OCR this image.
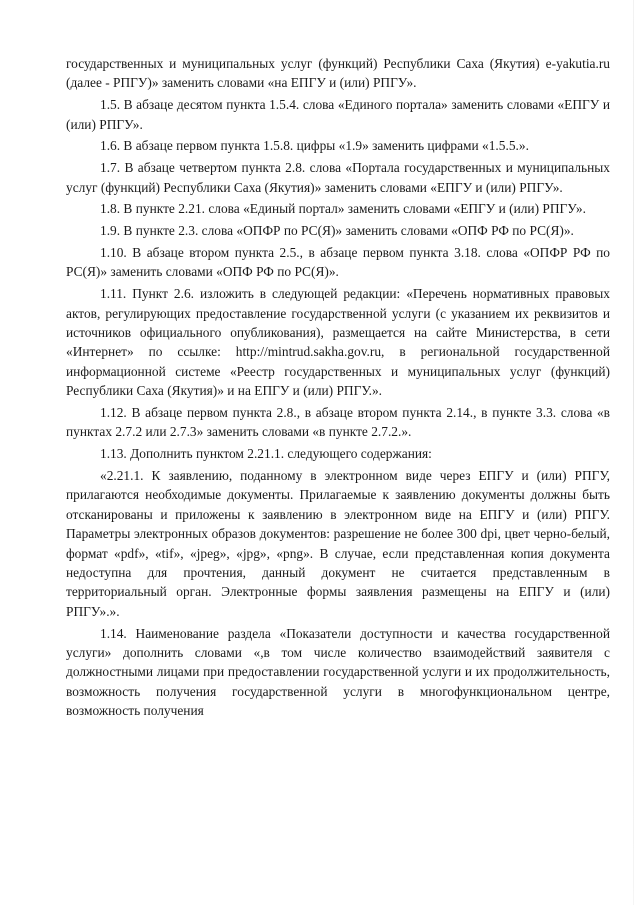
государственных и муниципальных услуг (функций) Республики Саха (Якутия) e-yakutia.ru (далее - РПГУ)» заменить словами «на ЕПГУ и (или) РПГУ».

1.5. В абзаце десятом пункта 1.5.4. слова «Единого портала» заменить словами «ЕПГУ и (или) РПГУ».

1.6. В абзаце первом пункта 1.5.8. цифры «1.9» заменить цифрами «1.5.5.».

1.7. В абзаце четвертом пункта 2.8. слова «Портала государственных и муниципальных услуг (функций) Республики Саха (Якутия)» заменить словами «ЕПГУ и (или) РПГУ».

1.8. В пункте 2.21. слова «Единый портал» заменить словами «ЕПГУ и (или) РПГУ».

1.9. В пункте 2.3. слова «ОПФР по РС(Я)» заменить словами «ОПФ РФ по РС(Я)».

1.10. В абзаце втором пункта 2.5., в абзаце первом пункта 3.18. слова «ОПФР РФ по РС(Я)» заменить словами «ОПФ РФ по РС(Я)».

1.11. Пункт 2.6. изложить в следующей редакции: «Перечень нормативных правовых актов, регулирующих предоставление государственной услуги (с указанием их реквизитов и источников официального опубликования), размещается на сайте Министерства, в сети «Интернет» по ссылке: http://mintrud.sakha.gov.ru, в региональной государственной информационной системе «Реестр государственных и муниципальных услуг (функций) Республики Саха (Якутия)» и на ЕПГУ и (или) РПГУ.».

1.12. В абзаце первом пункта 2.8., в абзаце втором пункта 2.14., в пункте 3.3. слова «в пунктах 2.7.2 или 2.7.3» заменить словами «в пункте 2.7.2.».

1.13. Дополнить пунктом 2.21.1. следующего содержания:

«2.21.1. К заявлению, поданному в электронном виде через ЕПГУ и (или) РПГУ, прилагаются необходимые документы. Прилагаемые к заявлению документы должны быть отсканированы и приложены к заявлению в электронном виде на ЕПГУ и (или) РПГУ. Параметры электронных образов документов: разрешение не более 300 dpi, цвет черно-белый, формат «pdf», «tif», «jpeg», «jpg», «png». В случае, если представленная копия документа недоступна для прочтения, данный документ не считается представленным в территориальный орган. Электронные формы заявления размещены на ЕПГУ и (или) РПГУ».».

1.14. Наименование раздела «Показатели доступности и качества государственной услуги» дополнить словами «,в том числе количество взаимодействий заявителя с должностными лицами при предоставлении государственной услуги и их продолжительность, возможность получения государственной услуги в многофункциональном центре, возможность получения
